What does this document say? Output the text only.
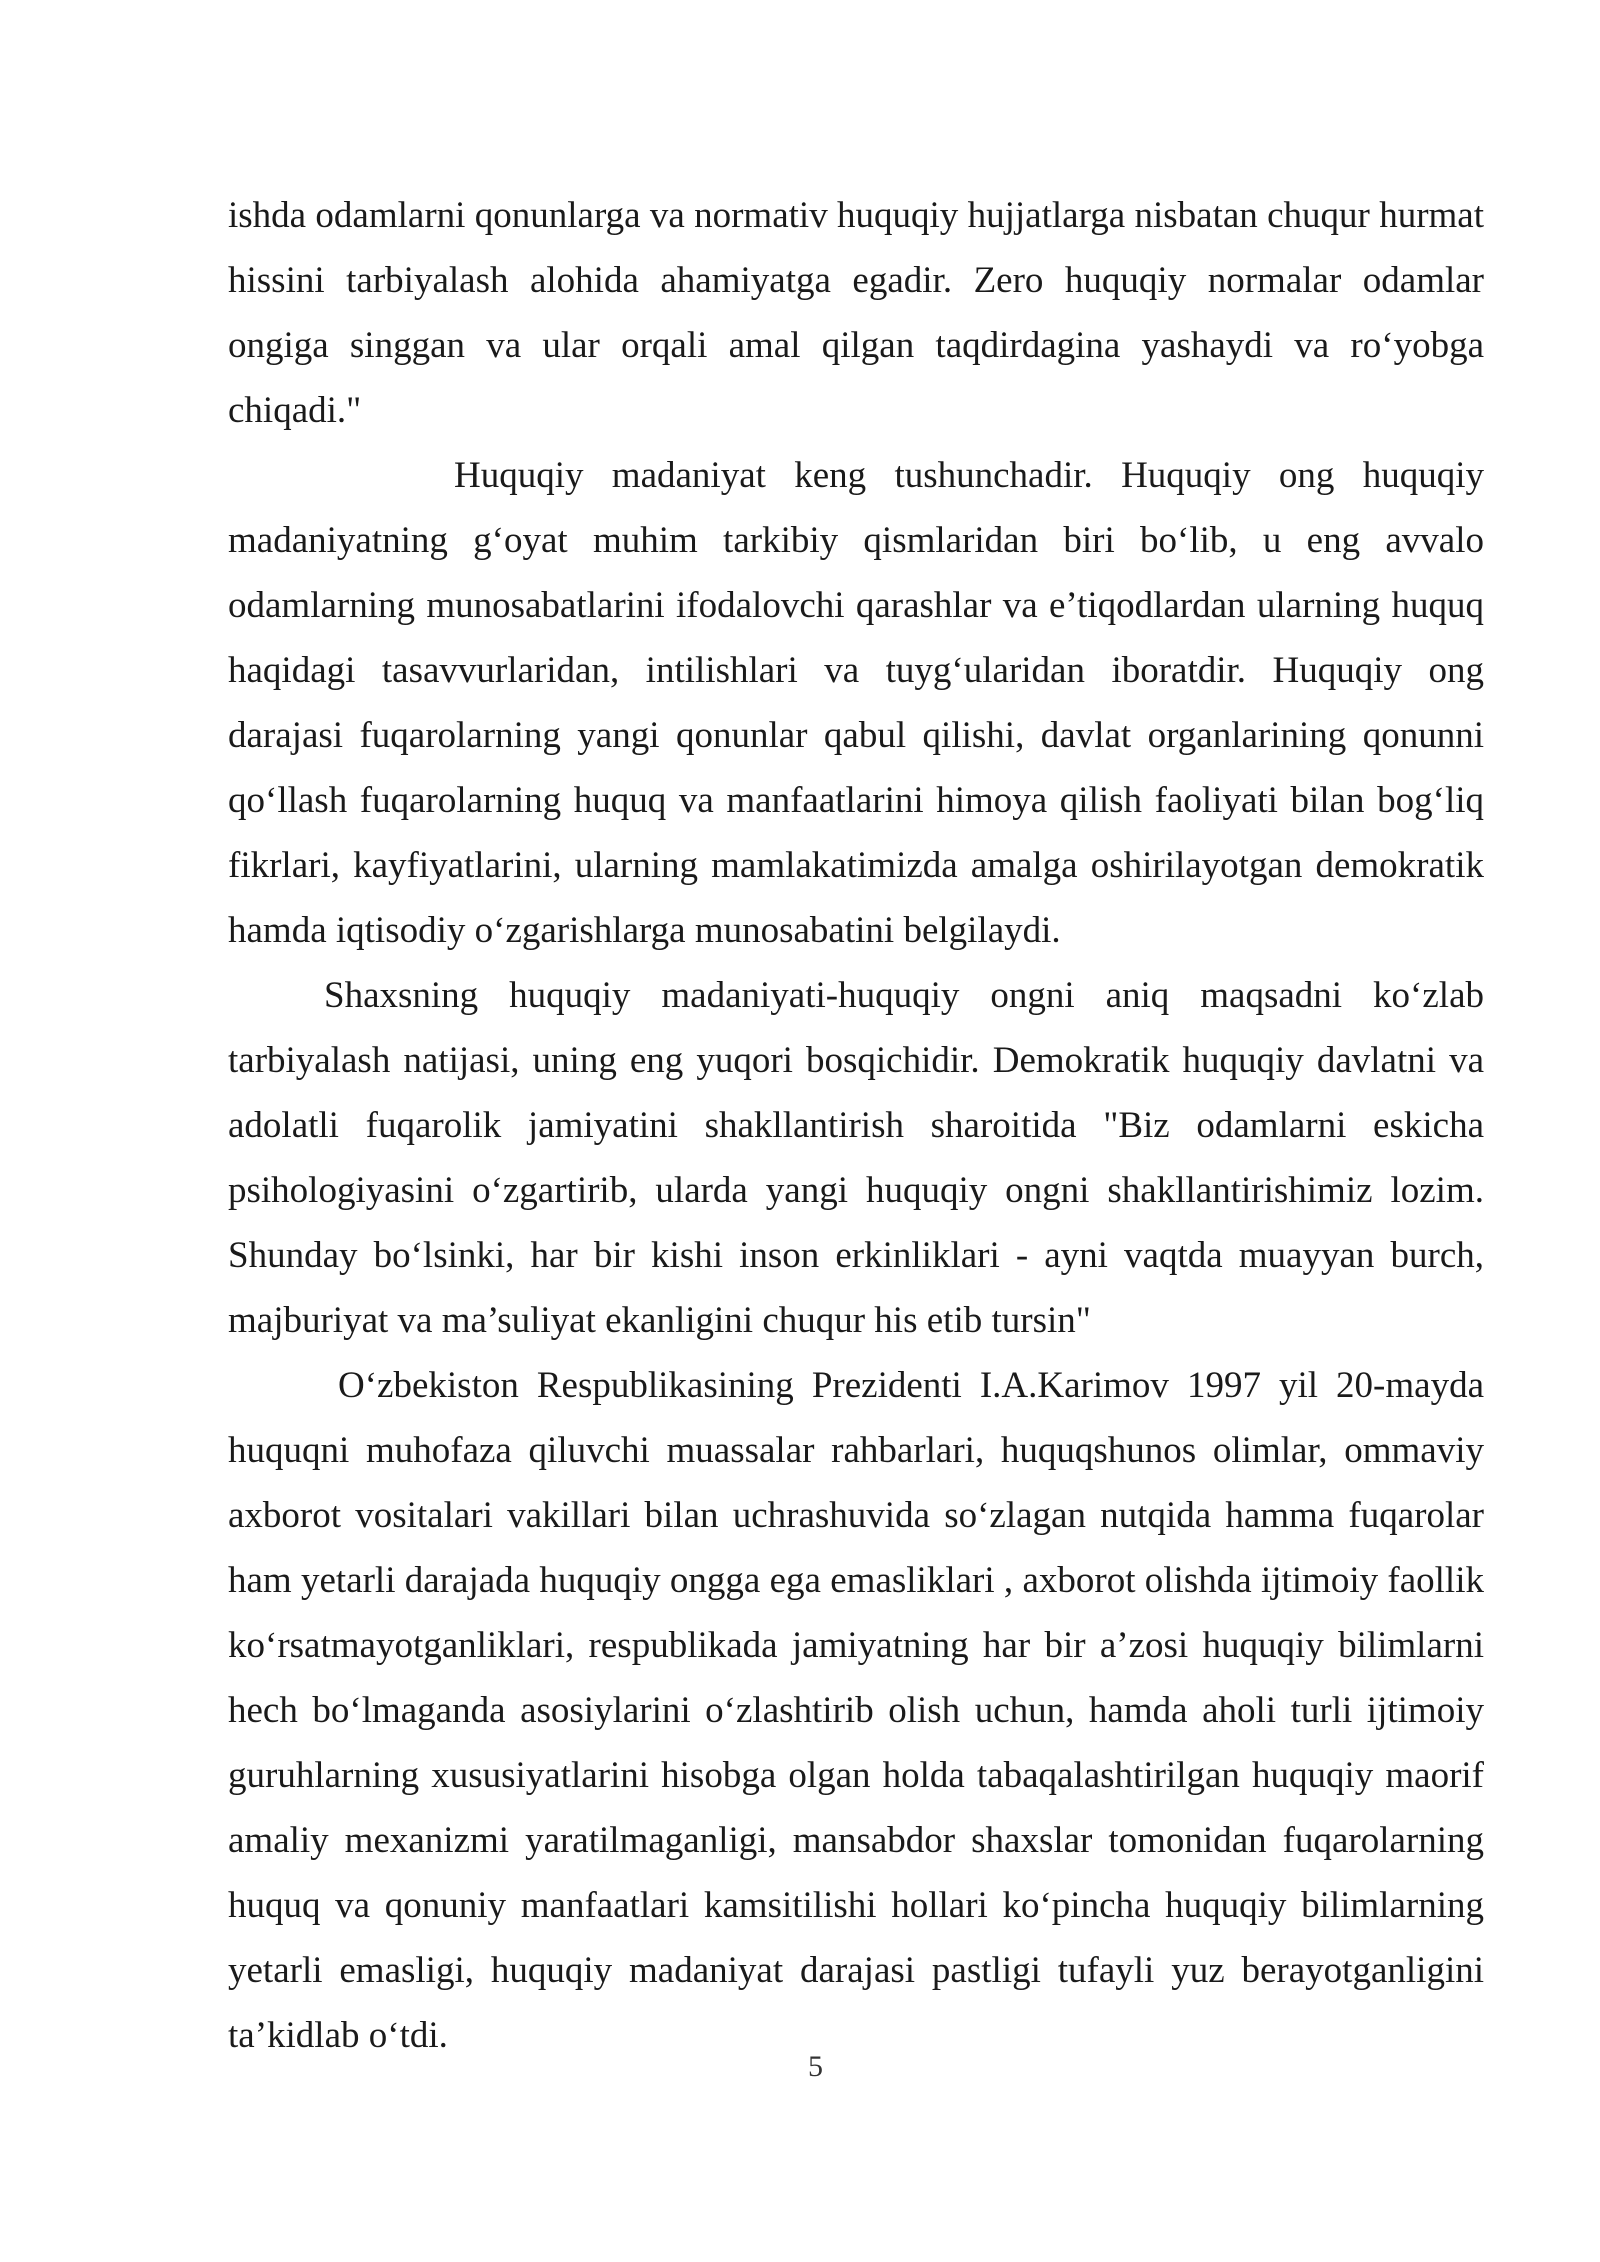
ishda odamlarni qonunlarga va normativ huquqiy hujjatlarga nisbatan chuqur hurmat hissini tarbiyalash alohida ahamiyatga egadir. Zero huquqiy normalar odamlar ongiga singgan va ular orqali amal qilgan taqdirdagina yashaydi va ro‘yobga chiqadi."

Huquqiy madaniyat keng tushunchadir. Huquqiy ong huquqiy madaniyatning g‘oyat muhim tarkibiy qismlaridan biri bo‘lib, u eng avvalo odamlarning munosabatlarini ifodalovchi qarashlar va e’tiqodlardan ularning huquq haqidagi tasavvurlaridan, intilishlari va tuyg‘ularidan iboratdir. Huquqiy ong darajasi fuqarolarning yangi qonunlar qabul qilishi, davlat organlarining qonunni qo‘llash fuqarolarning huquq va manfaatlarini himoya qilish faoliyati bilan bog‘liq fikrlari, kayfiyatlarini, ularning mamlakatimizda amalga oshirilayotgan demokratik hamda iqtisodiy o‘zgarishlarga munosabatini belgilaydi.

Shaxsning huquqiy madaniyati-huquqiy ongni aniq maqsadni ko‘zlab tarbiyalash natijasi, uning eng yuqori bosqichidir. Demokratik huquqiy davlatni va adolatli fuqarolik jamiyatini shakllantirish sharoitida "Biz odamlarni eskicha psihologiyasini o‘zgartirib, ularda yangi huquqiy ongni shakllantirishimiz lozim. Shunday bo‘lsinki, har bir kishi inson erkinliklari - ayni vaqtda muayyan burch, majburiyat va ma’suliyat ekanligini chuqur his etib tursin"

O‘zbekiston Respublikasining Prezidenti I.A.Karimov 1997 yil 20-mayda huquqni muhofaza qiluvchi muassalar rahbarlari, huquqshunos olimlar, ommaviy axborot vositalari vakillari bilan uchrashuvida so‘zlagan nutqida hamma fuqarolar ham yetarli darajada huquqiy ongga ega emasliklari , axborot olishda ijtimoiy faollik ko‘rsatmayotganliklari, respublikada jamiyatning har bir a’zosi huquqiy bilimlarni hech bo‘lmaganda asosiylarini o‘zlashtirib olish uchun, hamda aholi turli ijtimoiy guruhlarning xususiyatlarini hisobga olgan holda tabaqalashtirilgan huquqiy maorif amaliy mexanizmi yaratilmaganligi, mansabdor shaxslar tomonidan fuqarolarning huquq va qonuniy manfaatlari kamsitilishi hollari ko‘pincha huquqiy bilimlarning yetarli emasligi, huquqiy madaniyat darajasi pastligi tufayli yuz berayotganligini ta’kidlab o‘tdi.

5
